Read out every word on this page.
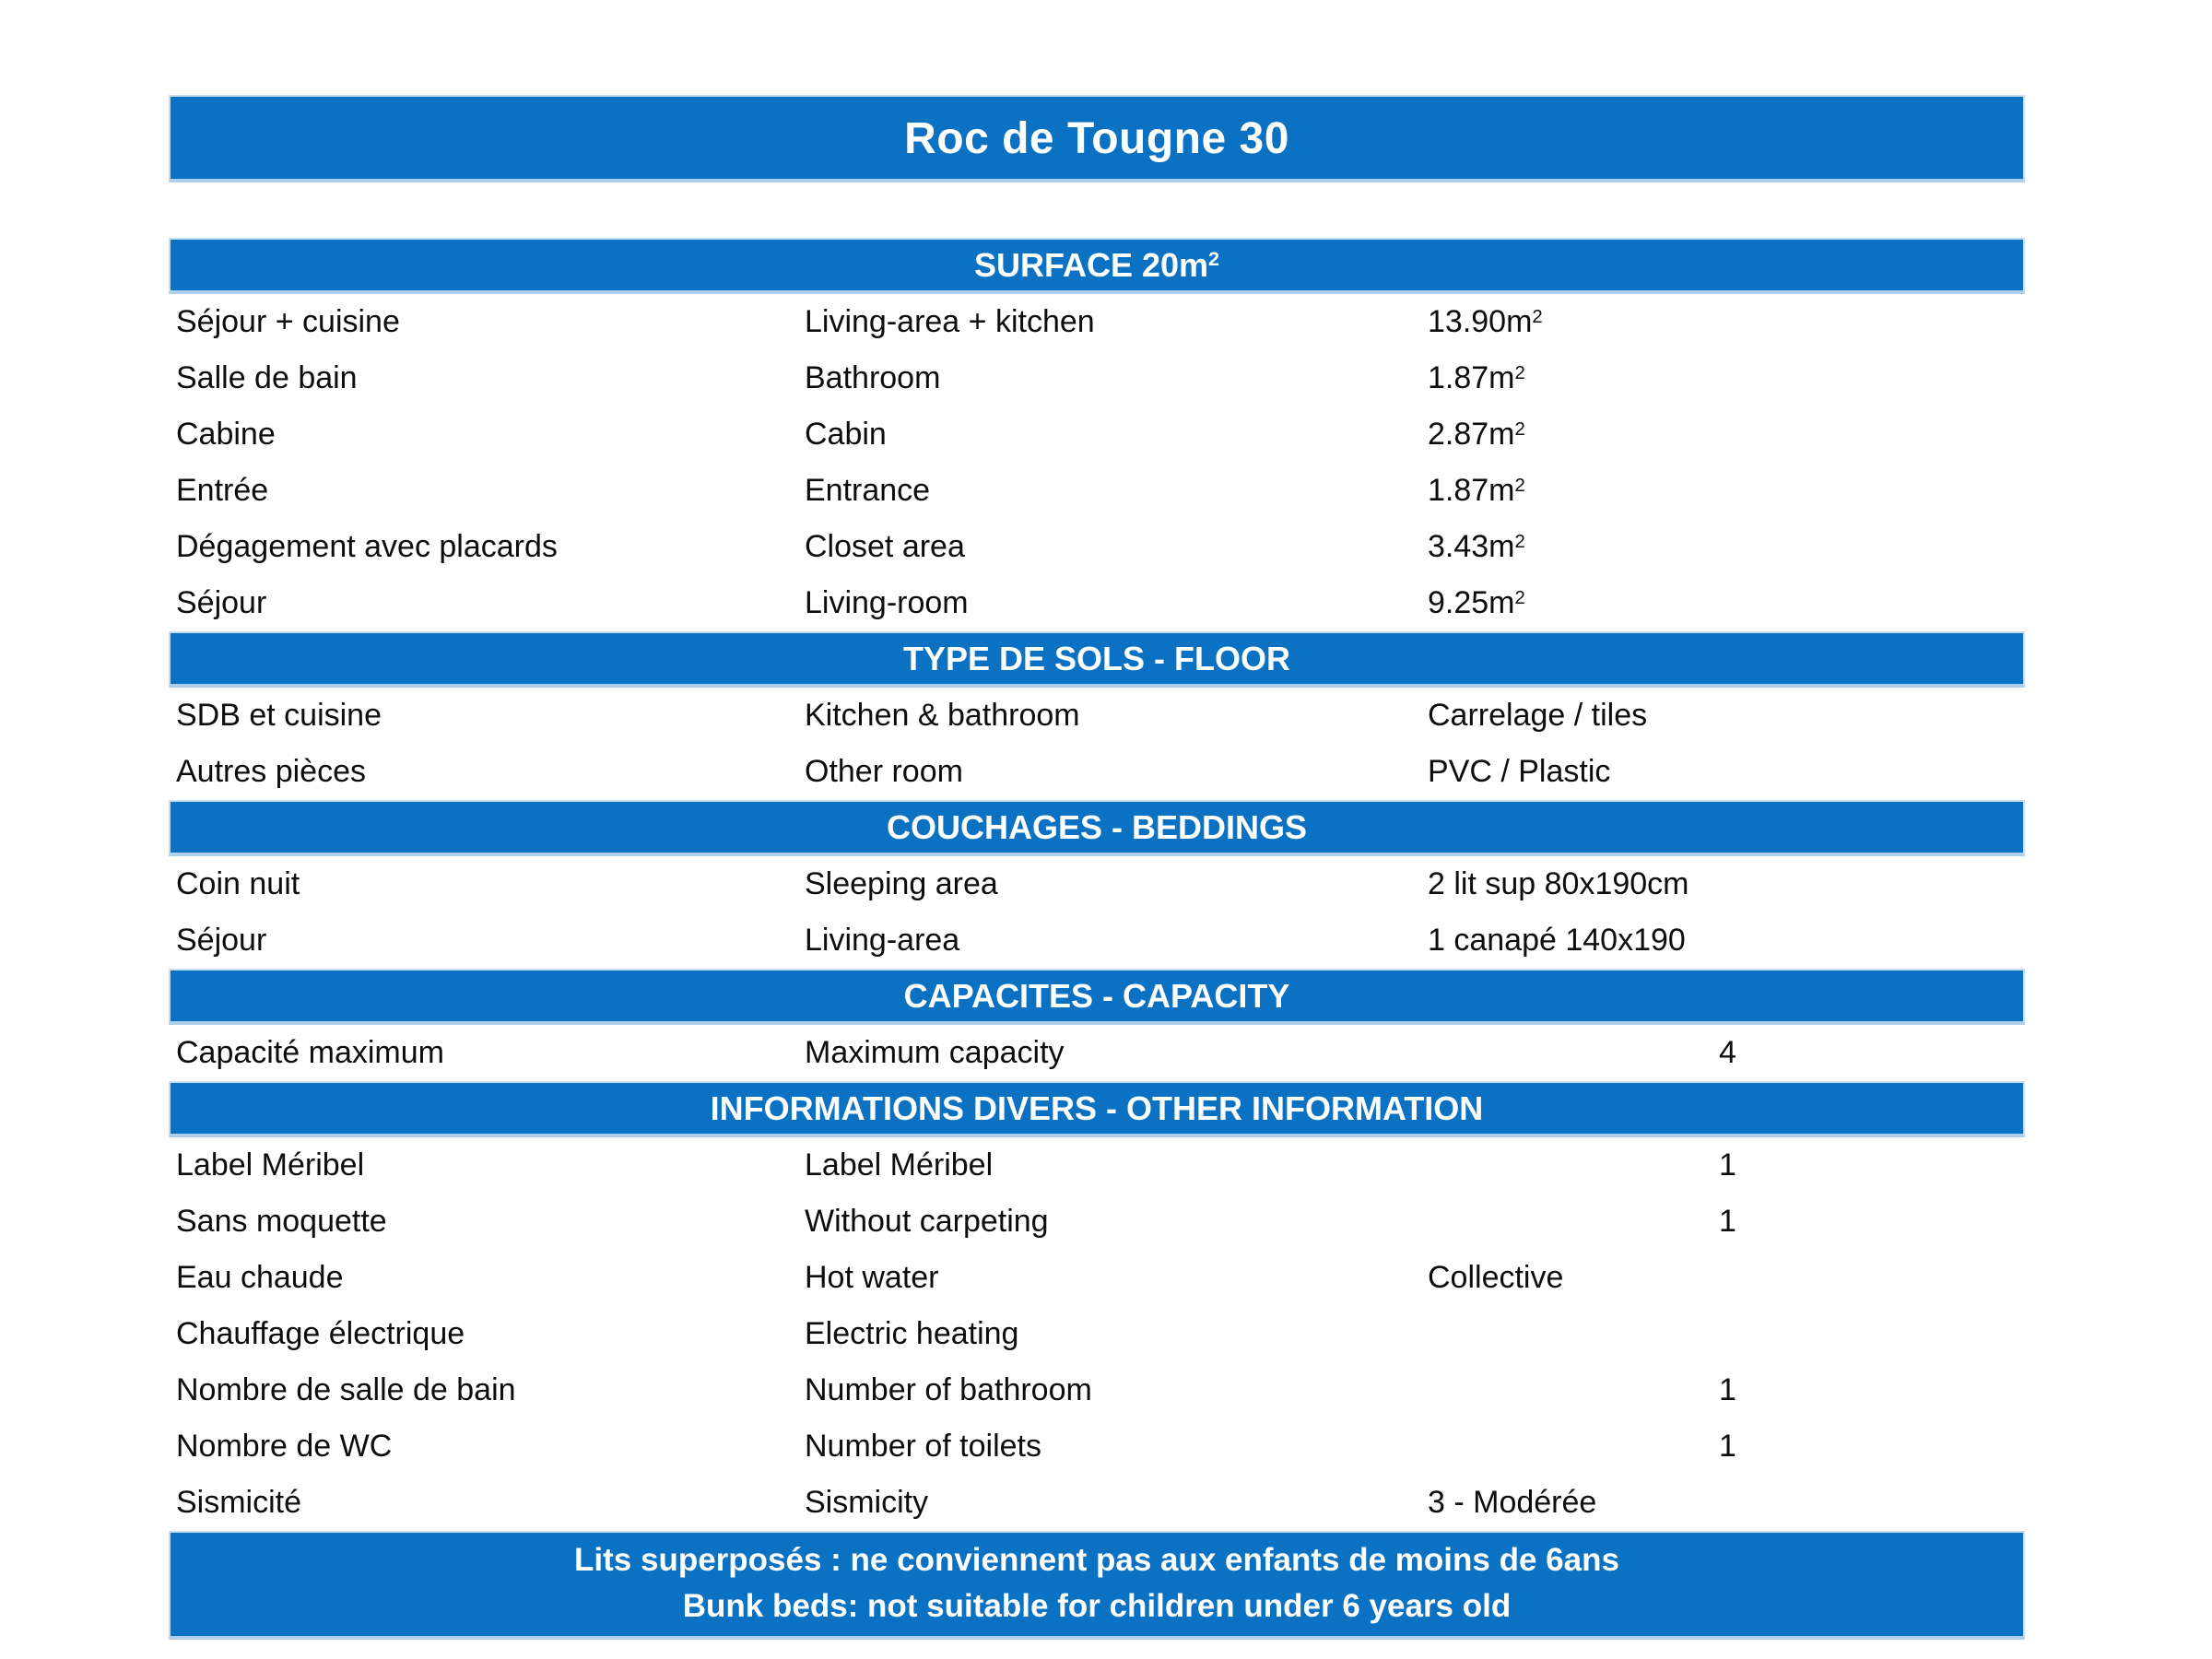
Roc de Tougne 30
SURFACE $20m^2$
Séjour + cuisine	Living-area + kitchen	$13.90m^2$
Salle de bain	Bathroom	$1.87m^2$
Cabine	Cabin	$2.87m^2$
Entrée	Entrance	$1.87m^2$
Dégagement avec placards	Closet area	$3.43m^2$
Séjour	Living-room	$9.25m^2$
TYPE DE SOLS - FLOOR
SDB et cuisine	Kitchen & bathroom	Carrelage / tiles
Autres pièces	Other room	PVC / Plastic
COUCHAGES - BEDDINGS
Coin nuit	Sleeping area	2 lit sup 80x190cm
Séjour	Living-area	1 canapé 140x190
CAPACITES - CAPACITY
Capacité maximum	Maximum capacity	4
INFORMATIONS DIVERS - OTHER INFORMATION
Label Méribel	Label Méribel	1
Sans moquette	Without carpeting	1
Eau chaude	Hot water	Collective
Chauffage électrique	Electric heating
Nombre de salle de bain	Number of bathroom	1
Nombre de WC	Number of toilets	1
Sismicité	Sismicity	3 - Modérée
Lits superposés : ne conviennent pas aux enfants de moins de 6ans
Bunk beds: not suitable for children under 6 years old
